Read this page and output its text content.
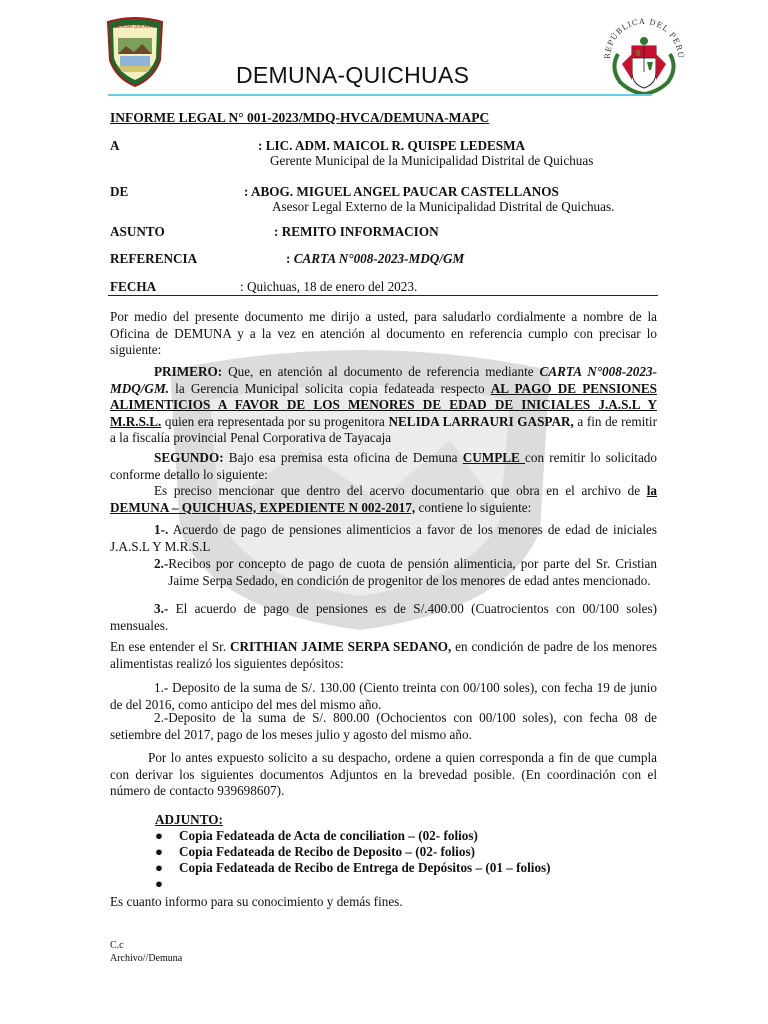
DEMUNA QUICHUAS
DEMUNA-QUICHUAS
REPÚBLICA DEL PERÚ
INFORME LEGAL N° 001-2023/MDQ-HVCA/DEMUNA-MAPC
A	: LIC. ADM. MAICOL R. QUISPE LEDESMA
Gerente Municipal de la Municipalidad Distrital de Quichuas
DE	: ABOG. MIGUEL ANGEL PAUCAR CASTELLANOS
Asesor Legal Externo de la Municipalidad Distrital de Quichuas.
ASUNTO	: REMITO INFORMACION
REFERENCIA	: CARTA N°008-2023-MDQ/GM
FECHA	: Quichuas, 18 de enero del 2023.

Por medio del presente documento me dirijo a usted, para saludarlo cordialmente a nombre de la Oficina de DEMUNA y a la vez en atención al documento en referencia cumplo con precisar lo siguiente:

PRIMERO: Que, en atención al documento de referencia mediante CARTA N°008-2023-MDQ/GM. la Gerencia Municipal solicita copia fedateada respecto AL PAGO DE PENSIONES ALIMENTICIOS A FAVOR DE LOS MENORES DE EDAD DE INICIALES J.A.S.L Y M.R.S.L. quien era representada por su progenitora NELIDA LARRAURI GASPAR, a fin de remitir a la fiscalía provincial Penal Corporativa de Tayacaja

SEGUNDO: Bajo esa premisa esta oficina de Demuna CUMPLE con remitir lo solicitado conforme detallo lo siguiente:

Es preciso mencionar que dentro del acervo documentario que obra en el archivo de la DEMUNA – QUICHUAS, EXPEDIENTE N 002-2017, contiene lo siguiente:

1-. Acuerdo de pago de pensiones alimenticios a favor de los menores de edad de iniciales J.A.S.L Y M.R.S.L

2.- Recibos por concepto de pago de cuota de pensión alimenticia, por parte del Sr. Cristian Jaime Serpa Sedado, en condición de progenitor de los menores de edad antes mencionado.

3.- El acuerdo de pago de pensiones es de S/.400.00 (Cuatrocientos con 00/100 soles) mensuales.

En ese entender el Sr. CRITHIAN JAIME SERPA SEDANO, en condición de padre de los menores alimentistas realizó los siguientes depósitos:

1.- Deposito de la suma de S/. 130.00 (Ciento treinta con 00/100 soles), con fecha 19 de junio de del 2016, como anticipo del mes del mismo año.

2.-Deposito de la suma de S/. 800.00 (Ochocientos con 00/100 soles), con fecha 08 de setiembre del 2017, pago de los meses julio y agosto del mismo año.

Por lo antes expuesto solicito a su despacho, ordene a quien corresponda a fin de que cumpla con derivar los siguientes documentos Adjuntos en la brevedad posible. (En coordinación con el número de contacto 939698607).

ADJUNTO:
●	Copia Fedateada de Acta de conciliation – (02- folios)
●	Copia Fedateada de Recibo de Deposito – (02- folios)
●	Copia Fedateada de Recibo de Entrega de Depósitos – (01 – folios)
●
Es cuanto informo para su conocimiento y demás fines.
C.c
Archivo//Demuna
